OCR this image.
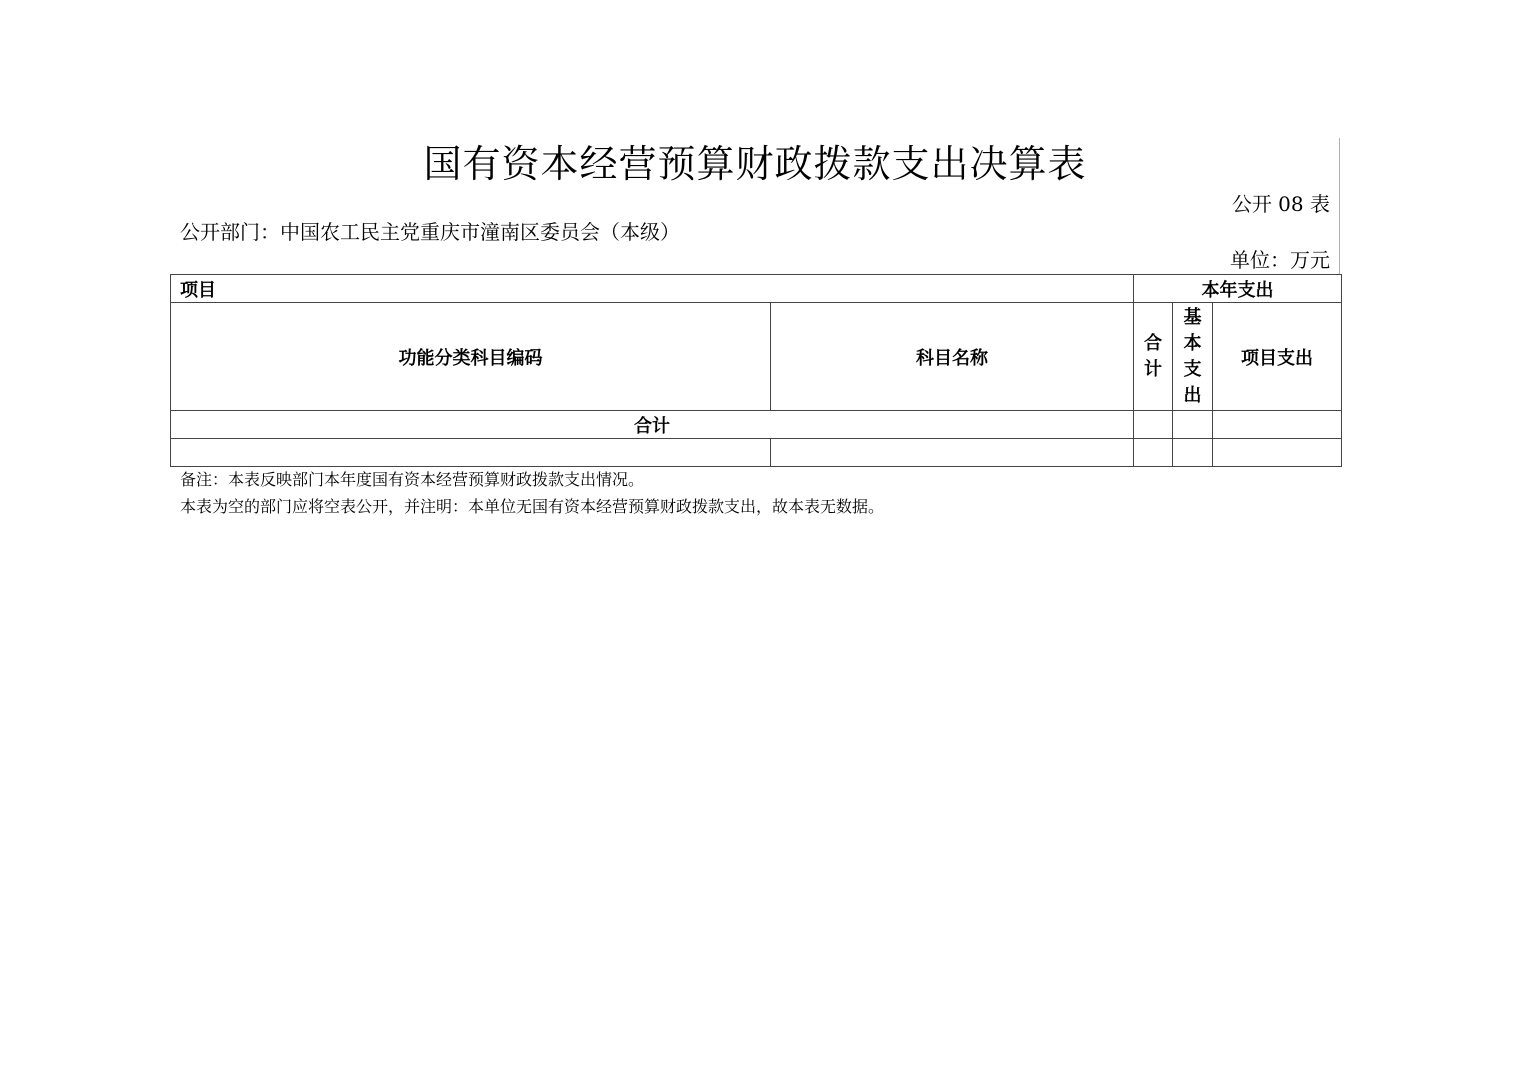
国有资本经营预算财政拨款支出决算表
公开 08 表
公开部门：中国农工民主党重庆市潼南区委员会（本级）
单位：万元
项目		本年支出		
功能分类科目编码	科目名称	合计	基本支出	项目支出
合计				

备注：本表反映部门本年度国有资本经营预算财政拨款支出情况。
本表为空的部门应将空表公开，并注明：本单位无国有资本经营预算财政拨款支出，故本表无数据。
